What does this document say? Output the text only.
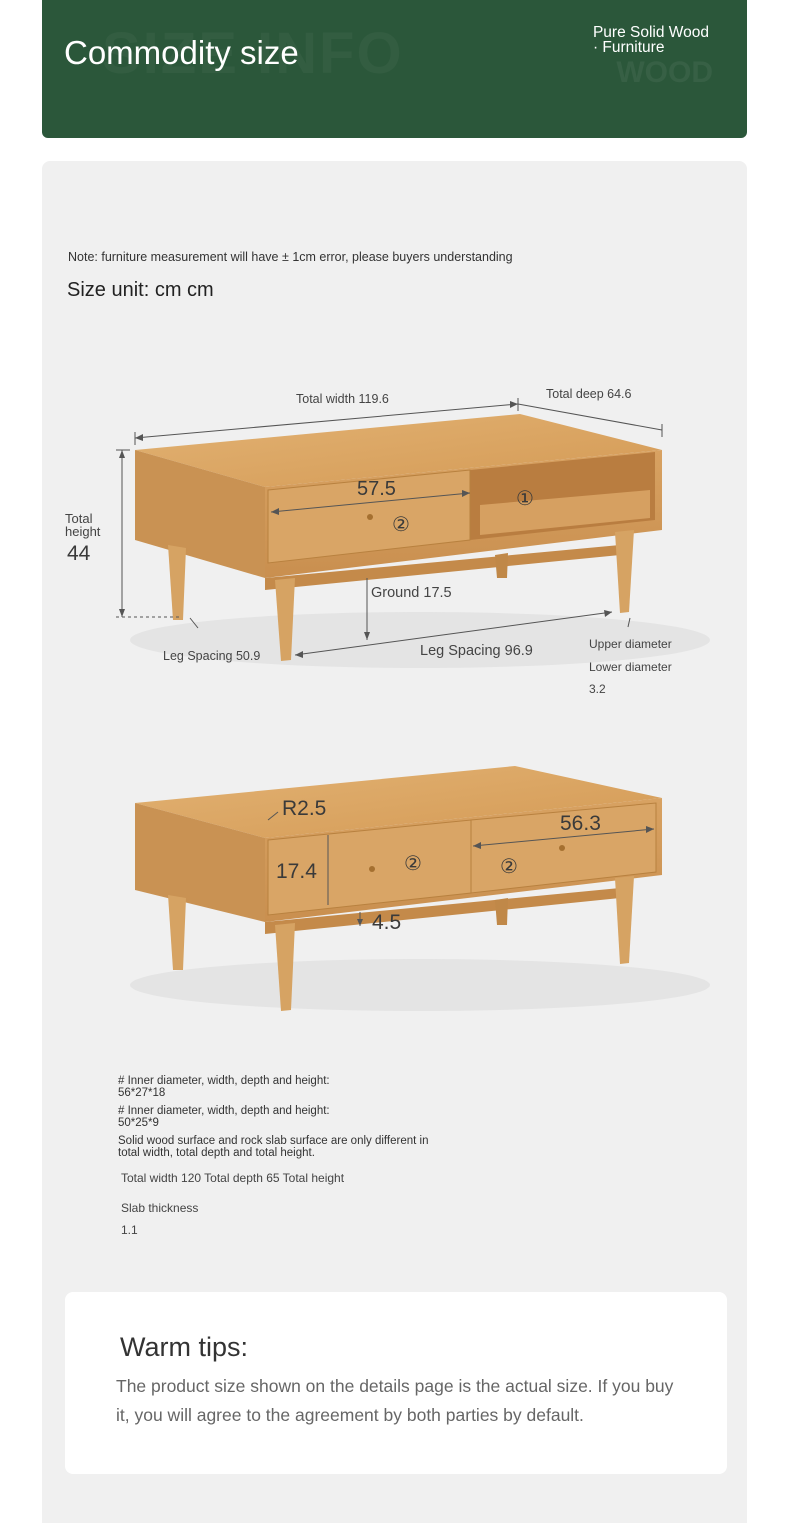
Commodity size
Pure Solid Wood
· Furniture
WOOD
Note: furniture measurement will have ± 1cm error, please buyers understanding
Size unit: cm cm
Total width 119.6	Total deep 64.6
Total
height
44
57.5	①
②
Ground 17.5
Leg Spacing 50.9	Leg Spacing 96.9	Upper diameter
Lower diameter
3.2
R2.5
56.3
17.4
4.5
②	②
# Inner diameter, width, depth and height:
56*27*18
# Inner diameter, width, depth and height:
50*25*9
Solid wood surface and rock slab surface are only different in
total width, total depth and total height.
Total width 120 Total depth 65 Total height
Slab thickness
1.1
Warm tips:
The product size shown on the details page is the actual size. If you buy it, you will agree to the agreement by both parties by default.
